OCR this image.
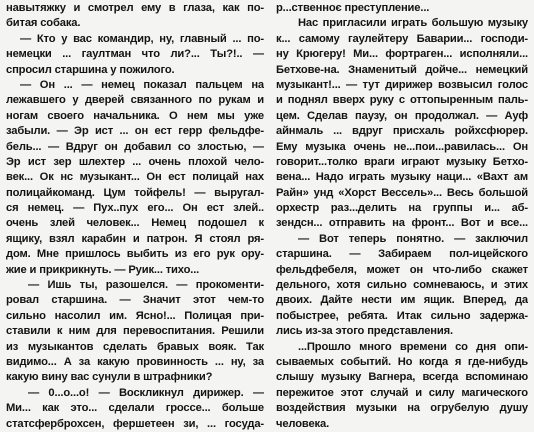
навытяжку и смотрел ему в глаза, как по-
битая собака.
— Кто у вас командир, ну, главный ... по-
немецки ... гаултман что ли?... Ты?!.. —
спросил старшина у пожилого.
— Он ... — немец показал пальцем на
лежавшего у дверей связанного по рукам и
ногам своего начальника. О нем мы уже
забыли. — Эр ист ... он ест герр фельдфе-
бель... — Вдруг он добавил со злостью, —
Эр ист зер шлехтер ... очень плохой чело-
век... Ок нс музыкант... Он ест полицай нах
полицайкоманд. Цум тойфель! — выругал-
ся немец. — Пух..пух его... Он ест злей..
очень злей человек... Немец подошел к
ящику, взял карабин и патрон. Я стоял ря-
дом. Мне пришлось выбить из его рук ору-
жие и прикрикнуть. — Руик... тихо...
— Ишь ты, разошелся. — прокоменти-
ровал старшина. — Значит этот чем-то
сильно насолил им. Ясно!... Полицая при-
ставили к ним для перевоспитания. Решили
из музыкантов сделать бравых вояк. Так
видимо... А за какую провинность ... ну, за
какую вину вас сунули в штрафники?
— 0...о...о! — Воскликнул дирижер. —
Ми... как это... сделали гроссе... больше
статсферброхсен, фершетеен зи, ... госуда-
р...ственноє преступление...
Нас пригласили играть большую музыку
к... самому гаулейтеру Баварии... господи-
ну Крюгеру! Ми... фортраген... исполняли...
Бетхове-на. Знаменитый дойче... немецкий
музыкант!... — тут дирижер возвысил голос
и поднял вверх руку с оттопыренным паль-
цем. Сделав паузу, он продолжал. — Ауф
айнмаль ... вдруг присхаль ройхсфюрер.
Ему музыка очень не...пои...равилась... Он
говорит...толко враги играют музыку Бетхо-
вена... Надо играть музыку наци... «Вахт ам
Райн» унд «Хорст Вессель»... Весь большой
орхестр раз...делить на группы и... аб-
зендсн... отправить на фронт... Вот и все...
— Вот теперь понятно. — заключил
старшина. — Забираем пол-ицейского
фельдфебеля, может он что-либо скажет
дельного, хотя сильно сомневаюсь, и этих
двоих. Дайте нести им ящик. Вперед, да
побыстрее, ребята. Итак сильно задержа-
лись из-за этого представления.
...Прошло много времени со дня опи-
сываемых событий. Но когда я где-нибудь
слышу музыку Вагнера, всегда вспоминаю
пережитое этот случай и силу магического
воздействия музыки на огрубелую душу
человека.
